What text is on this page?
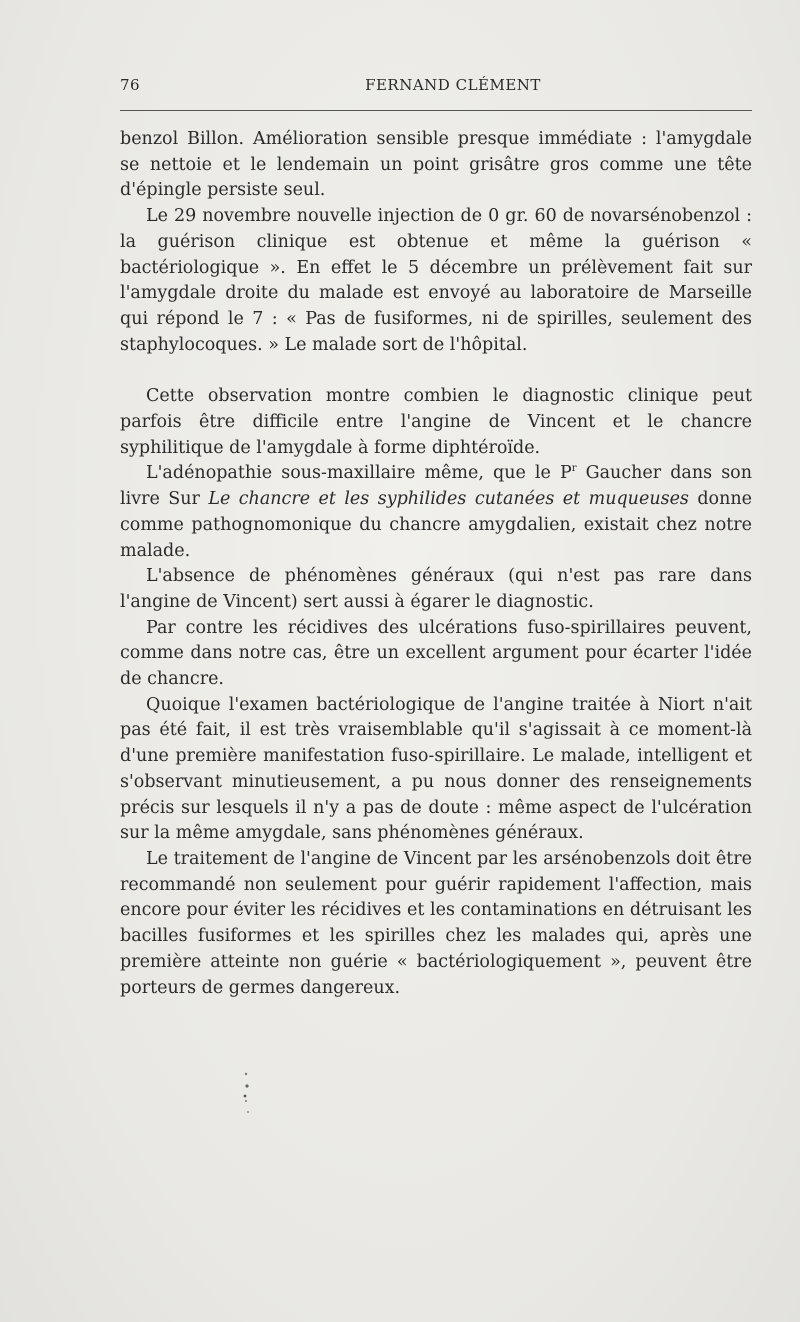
76	FERNAND CLÉMENT

benzol Billon. Amélioration sensible presque immédiate : l'amygdale se nettoie et le lendemain un point grisâtre gros comme une tête d'épingle persiste seul.

Le 29 novembre nouvelle injection de 0 gr. 60 de novarsénobenzol : la guérison clinique est obtenue et même la guérison « bactériologique ». En effet le 5 décembre un prélèvement fait sur l'amygdale droite du malade est envoyé au laboratoire de Marseille qui répond le 7 : « Pas de fusiformes, ni de spirilles, seulement des staphylocoques. » Le malade sort de l'hôpital.

Cette observation montre combien le diagnostic clinique peut parfois être difficile entre l'angine de Vincent et le chancre syphilitique de l'amygdale à forme diphtéroïde.

L'adénopathie sous-maxillaire même, que le $P^r$ Gaucher dans son livre Sur Le chancre et les syphilides cutanées et muqueuses donne comme pathognomonique du chancre amygdalien, existait chez notre malade.

L'absence de phénomènes généraux (qui n'est pas rare dans l'angine de Vincent) sert aussi à égarer le diagnostic.

Par contre les récidives des ulcérations fuso-spirillaires peuvent, comme dans notre cas, être un excellent argument pour écarter l'idée de chancre.

Quoique l'examen bactériologique de l'angine traitée à Niort n'ait pas été fait, il est très vraisemblable qu'il s'agissait à ce moment-là d'une première manifestation fuso-spirillaire. Le malade, intelligent et s'observant minutieusement, a pu nous donner des renseignements précis sur lesquels il n'y a pas de doute : même aspect de l'ulcération sur la même amygdale, sans phénomènes généraux.

Le traitement de l'angine de Vincent par les arsénobenzols doit être recommandé non seulement pour guérir rapidement l'affection, mais encore pour éviter les récidives et les contaminations en détruisant les bacilles fusiformes et les spirilles chez les malades qui, après une première atteinte non guérie « bactériologiquement », peuvent être porteurs de germes dangereux.
